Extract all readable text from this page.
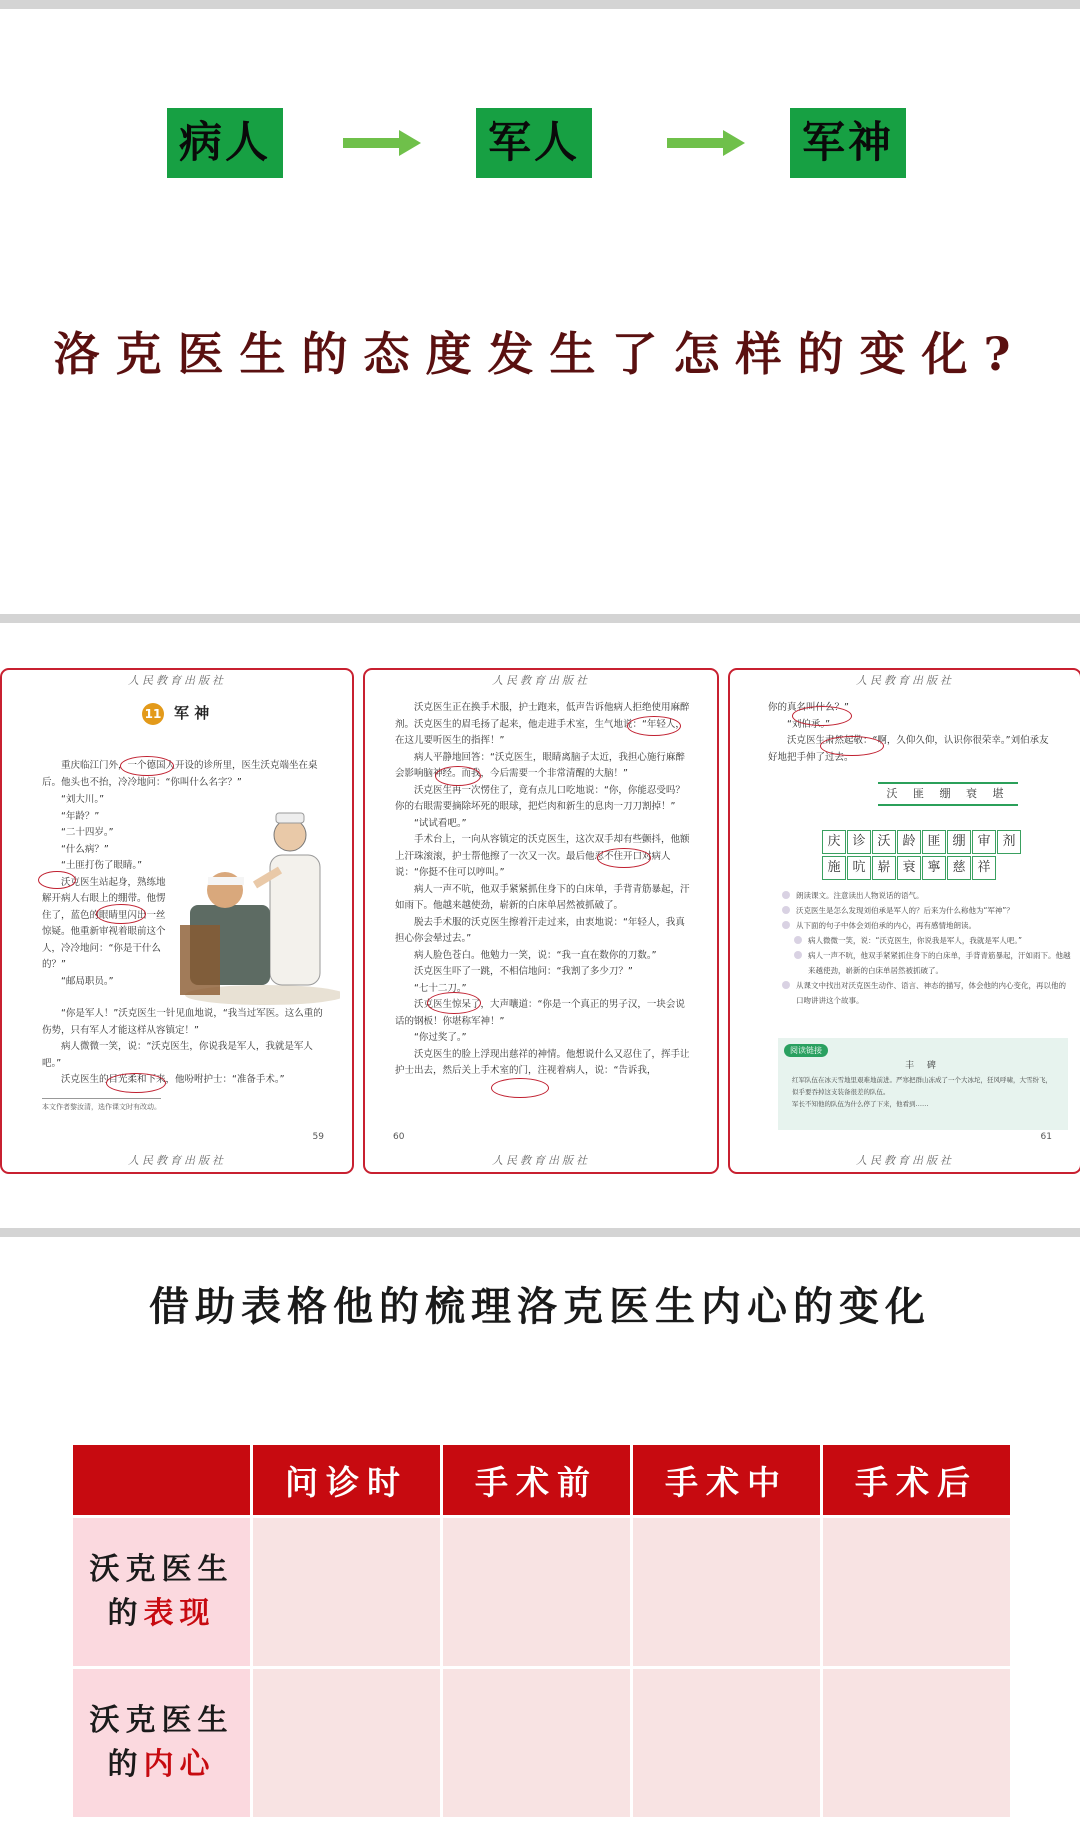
病人	军人	军神
洛克医生的态度发生了怎样的变化?
人民教育出版社
11 军 神

重庆临江门外，一个德国人开设的诊所里，医生沃克端坐在桌后。他头也不抬，冷冷地问：“你叫什么名字？”

“刘大川。”

“年龄？”

“二十四岁。”

“什么病？”

“土匪打伤了眼睛。”

沃克医生站起身，熟练地解开病人右眼上的绷带。他愣住了，蓝色的眼睛里闪出一丝惊疑。他重新审视着眼前这个人，冷冷地问：“你是干什么的？”

“邮局职员。”

“你是军人！”沃克医生一针见血地说，“我当过军医。这么重的伤势，只有军人才能这样从容镇定！”

病人微微一笑，说：“沃克医生，你说我是军人，我就是军人吧。”

沃克医生的目光柔和下来，他吩咐护士：“准备手术。”

本文作者黎汝清，选作课文时有改动。
59
人民教育出版社
人民教育出版社

沃克医生正在换手术服，护士跑来，低声告诉他病人拒绝使用麻醉剂。沃克医生的眉毛扬了起来，他走进手术室，生气地说：“年轻人，在这儿要听医生的指挥！”

病人平静地回答：“沃克医生，眼睛离脑子太近，我担心施行麻醉会影响脑神经。而我，今后需要一个非常清醒的大脑！”

沃克医生再一次愣住了，竟有点儿口吃地说：“你，你能忍受吗？你的右眼需要摘除坏死的眼球，把烂肉和新生的息肉一刀刀割掉！”

“试试看吧。”

手术台上，一向从容镇定的沃克医生，这次双手却有些颤抖，他额上汗珠滚滚，护士帮他擦了一次又一次。最后他忍不住开口对病人说：“你挺不住可以哼叫。”

病人一声不吭，他双手紧紧抓住身下的白床单，手背青筋暴起，汗如雨下。他越来越使劲，崭新的白床单居然被抓破了。

脱去手术服的沃克医生擦着汗走过来，由衷地说：“年轻人，我真担心你会晕过去。”

病人脸色苍白。他勉力一笑，说：“我一直在数你的刀数。”

沃克医生吓了一跳，不相信地问：“我割了多少刀？”

“七十二刀。”

沃克医生惊呆了，大声嚷道：“你是一个真正的男子汉，一块会说话的钢板！你堪称军神！”

“你过奖了。”

沃克医生的脸上浮现出慈祥的神情。他想说什么又忍住了，挥手让护士出去，然后关上手术室的门，注视着病人，说：“告诉我，

60
人民教育出版社
人民教育出版社

你的真名叫什么？”

“刘伯承。”

沃克医生肃然起敬：“啊，久仰久仰，认识你很荣幸。”刘伯承友好地把手伸了过去。

沃 匪 绷 衰 堪
庆 诊 沃 龄 匪 绷 审 剂
施 吭 崭 衰 寧 慈 祥
朗读课文。注意读出人物说话的语气。
沃克医生是怎么发现刘伯承是军人的？后来为什么称他为“军神”？
从下面的句子中体会刘伯承的内心，再有感情地朗读。
病人微微一笑，说：“沃克医生，你说我是军人，我就是军人吧。”
病人一声不吭，他双手紧紧抓住身下的白床单，手背青筋暴起，汗如雨下。他越来越使劲，崭新的白床单居然被抓破了。
从课文中找出对沃克医生动作、语言、神态的描写，体会他的内心变化，再以他的口吻讲讲这个故事。
阅读链接
丰 碑
红军队伍在冰天雪地里艰难地前进。严寒把群山冻成了一个大冰坨，狂风呼啸，大雪纷飞，似乎要吞掉这支装备很差的队伍。
军长不知他的队伍为什么停了下来，他看到……
61
人民教育出版社
借助表格他的梳理洛克医生内心的变化
	问诊时	手术前	手术中	手术后

沃克医生
的表现				

沃克医生
的内心				
